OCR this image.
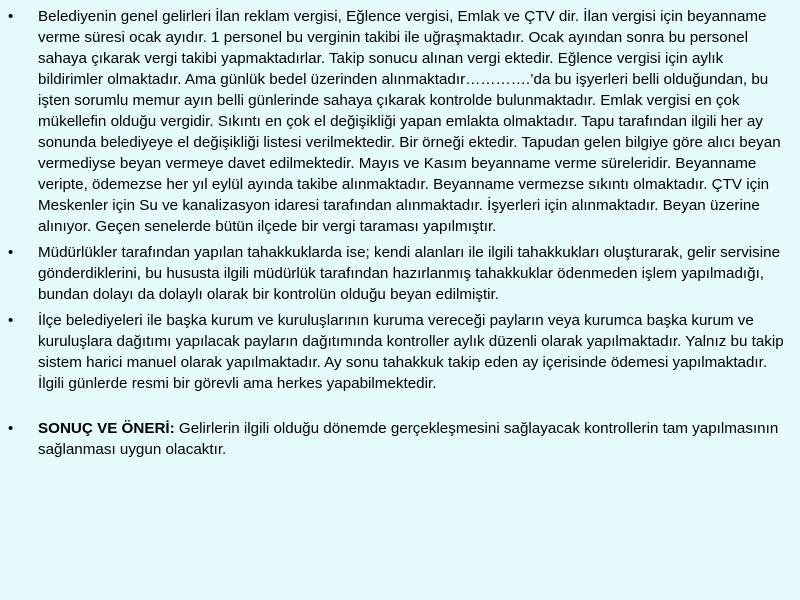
• Belediyenin genel gelirleri İlan reklam vergisi, Eğlence vergisi, Emlak ve ÇTV dir. İlan vergisi için beyanname verme süresi ocak ayıdır. 1 personel bu verginin takibi ile uğraşmaktadır. Ocak ayından sonra bu personel sahaya çıkarak vergi takibi yapmaktadırlar. Takip sonucu alınan vergi ektedir. Eğlence vergisi için aylık bildirimler olmaktadır. Ama günlük bedel üzerinden alınmaktadır………….’da bu işyerleri belli olduğundan, bu işten sorumlu memur ayın belli günlerinde sahaya çıkarak kontrolde bulunmaktadır. Emlak vergisi en çok mükellefin olduğu vergidir. Sıkıntı en çok el değişikliği yapan emlakta olmaktadır. Tapu tarafından ilgili her ay sonunda belediyeye el değişikliği listesi verilmektedir. Bir örneği ektedir. Tapudan gelen bilgiye göre alıcı beyan vermediyse beyan vermeye davet edilmektedir. Mayıs ve Kasım beyanname verme süreleridir. Beyanname veripte, ödemezse her yıl eylül ayında takibe alınmaktadır. Beyanname vermezse sıkıntı olmaktadır. ÇTV için Meskenler için Su ve kanalizasyon idaresi tarafından alınmaktadır. İşyerleri için alınmaktadır. Beyan üzerine alınıyor. Geçen senelerde bütün ilçede bir vergi taraması yapılmıştır.
• Müdürlükler tarafından yapılan tahakkuklarda ise; kendi alanları ile ilgili tahakkukları oluşturarak, gelir servisine gönderdiklerini, bu hususta ilgili müdürlük tarafından hazırlanmış tahakkuklar ödenmeden işlem yapılmadığı, bundan dolayı da dolaylı olarak bir kontrolün olduğu beyan edilmiştir.
• İlçe belediyeleri ile başka kurum ve kuruluşlarının kuruma vereceği payların veya kurumca başka kurum ve kuruluşlara dağıtımı yapılacak payların dağıtımında kontroller aylık düzenli olarak yapılmaktadır. Yalnız bu takip sistem harici manuel olarak yapılmaktadır. Ay sonu tahakkuk takip eden ay içerisinde ödemesi yapılmaktadır. İlgili günlerde resmi bir görevli ama herkes yapabilmektedir.
• SONUÇ VE ÖNERİ: Gelirlerin ilgili olduğu dönemde gerçekleşmesini sağlayacak kontrollerin tam yapılmasının sağlanması uygun olacaktır.
